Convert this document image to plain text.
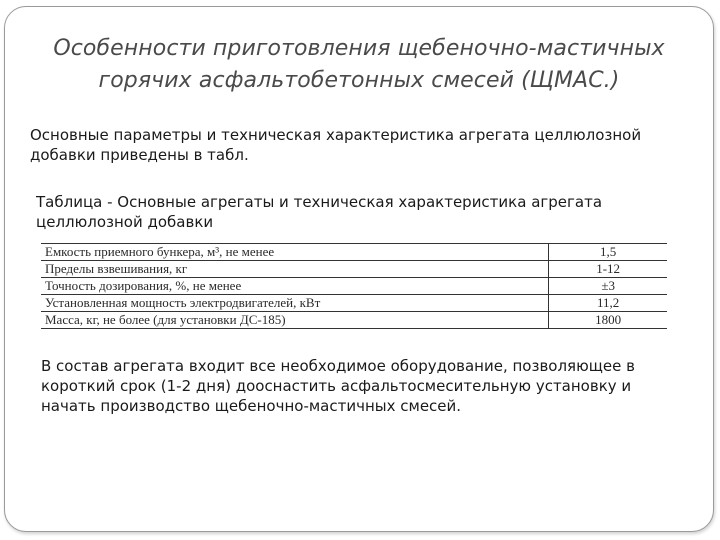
Особенности приготовления щебеночно-мастичных горячих асфальтобетонных смесей (ЩМАС.)
Основные параметры и техническая характеристика агрегата целлюлозной добавки приведены в табл.
Таблица - Основные агрегаты и техническая характеристика агрегата целлюлозной добавки
Емкость приемного бункера, м³, не менее	1,5
Пределы взвешивания, кг	1-12
Точность дозирования, %, не менее	±3
Установленная мощность электродвигателей, кВт	11,2
Масса, кг, не более (для установки ДС-185)	1800
В состав агрегата входит все необходимое оборудование, позволяющее в короткий срок (1-2 дня) дооснастить асфальтосмесительную установку и начать производство щебеночно-мастичных смесей.
